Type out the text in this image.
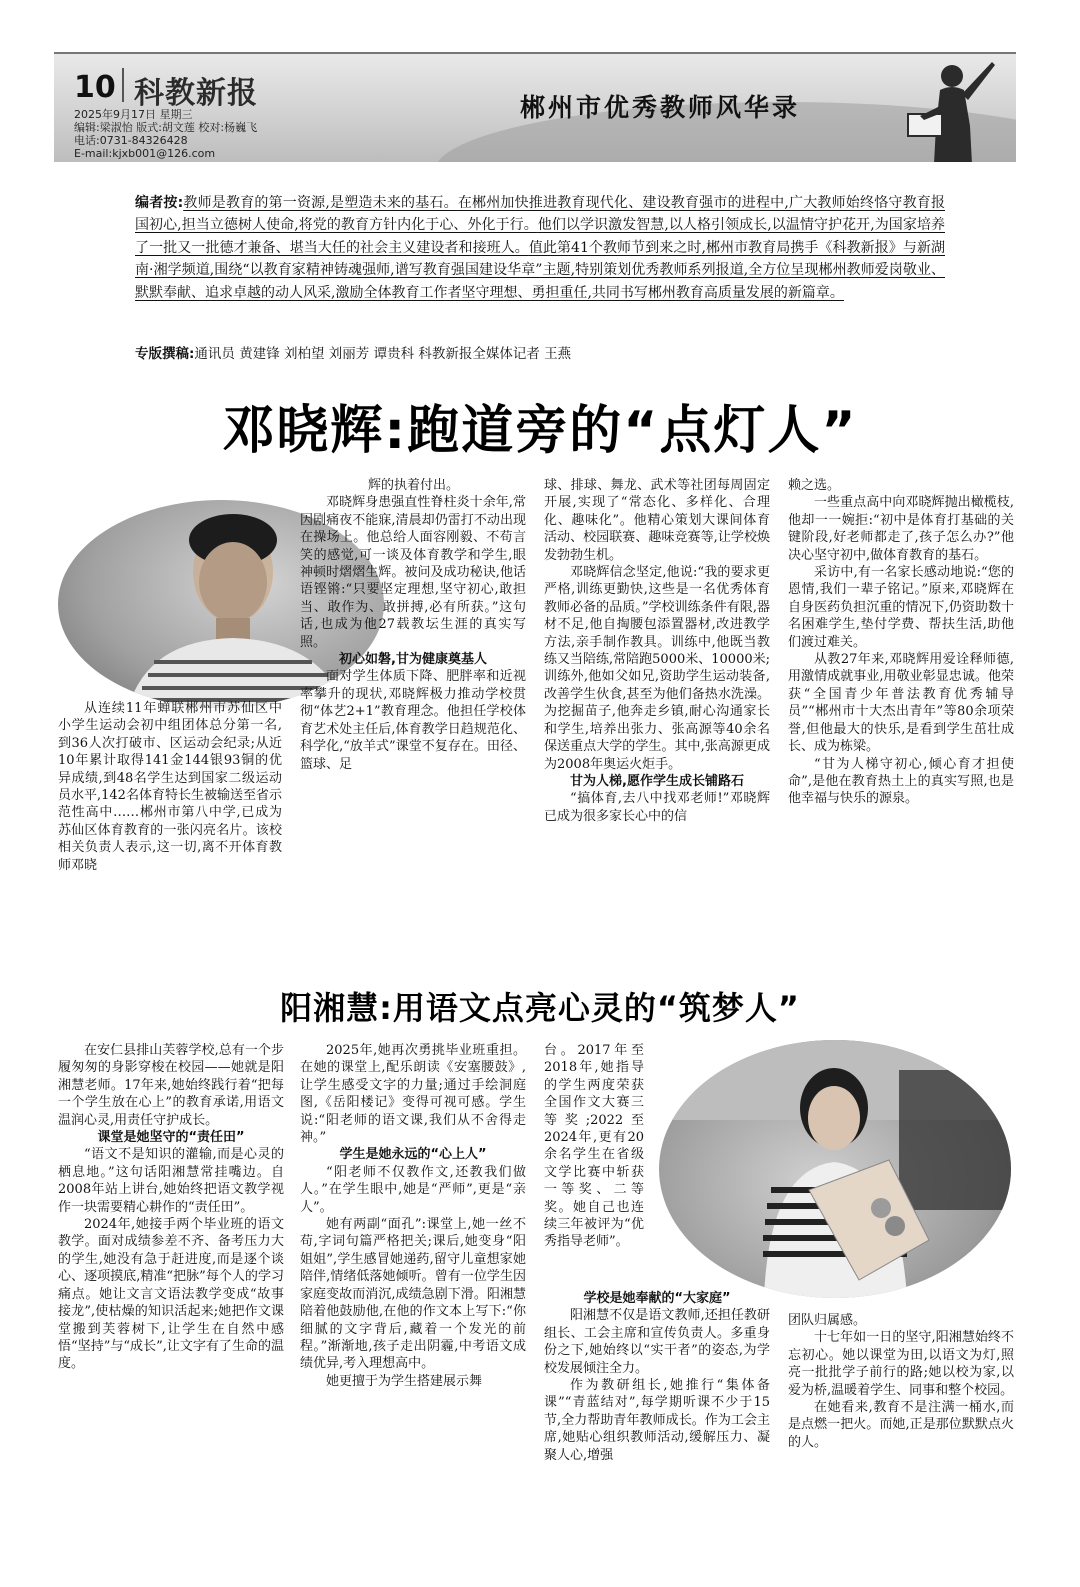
10 科教新报
2025年9月17日 星期三
编辑:梁淑怡 版式:胡文莲 校对:杨巍飞
电话:0731-84326428
E-mail:kjxb001@126.com
郴州市优秀教师风华录
编者按:教师是教育的第一资源,是塑造未来的基石。在郴州加快推进教育现代化、建设教育强市的进程中,广大教师始终恪守教育报国初心,担当立德树人使命,将党的教育方针内化于心、外化于行。他们以学识激发智慧,以人格引领成长,以温情守护花开,为国家培养了一批又一批德才兼备、堪当大任的社会主义建设者和接班人。值此第41个教师节到来之时,郴州市教育局携手《科教新报》与新湖南·湘学频道,围绕“以教育家精神铸魂强师,谱写教育强国建设华章”主题,特别策划优秀教师系列报道,全方位呈现郴州教师爱岗敬业、默默奉献、追求卓越的动人风采,激励全体教育工作者坚守理想、勇担重任,共同书写郴州教育高质量发展的新篇章。
专版撰稿:通讯员 黄建锋 刘柏望 刘丽芳 谭贵科 科教新报全媒体记者 王燕
邓晓辉:跑道旁的“点灯人”

从连续11年蝉联郴州市苏仙区中小学生运动会初中组团体总分第一名,到36人次打破市、区运动会纪录;从近10年累计取得141金144银93铜的优异成绩,到48名学生达到国家二级运动员水平,142名体育特长生被输送至省示范性高中……郴州市第八中学,已成为苏仙区体育教育的一张闪亮名片。该校相关负责人表示,这一切,离不开体育教师邓晓

辉的执着付出。

邓晓辉身患强直性脊柱炎十余年,常因剧痛夜不能寐,清晨却仍雷打不动出现在操场上。他总给人面容刚毅、不苟言笑的感觉,可一谈及体育教学和学生,眼神顿时熠熠生辉。被问及成功秘诀,他话语铿锵:“只要坚定理想,坚守初心,敢担当、敢作为、敢拼搏,必有所获。”这句话,也成为他27载教坛生涯的真实写照。

初心如磐,甘为健康奠基人

面对学生体质下降、肥胖率和近视率攀升的现状,邓晓辉极力推动学校贯彻“体艺2+1”教育理念。他担任学校体育艺术处主任后,体育教学日趋规范化、科学化,“放羊式”课堂不复存在。田径、篮球、足

球、排球、舞龙、武术等社团每周固定开展,实现了“常态化、多样化、合理化、趣味化”。他精心策划大课间体育活动、校园联赛、趣味竞赛等,让学校焕发勃勃生机。

邓晓辉信念坚定,他说:“我的要求更严格,训练更勤快,这些是一名优秀体育教师必备的品质。”学校训练条件有限,器材不足,他自掏腰包添置器材,改进教学方法,亲手制作教具。训练中,他既当教练又当陪练,常陪跑5000米、10000米;训练外,他如父如兄,资助学生运动装备,改善学生伙食,甚至为他们备热水洗澡。为挖掘苗子,他奔走乡镇,耐心沟通家长和学生,培养出张力、张高源等40余名保送重点大学的学生。其中,张高源更成为2008年奥运火炬手。

甘为人梯,愿作学生成长铺路石

“搞体育,去八中找邓老师!”邓晓辉已成为很多家长心中的信

赖之选。

一些重点高中向邓晓辉抛出橄榄枝,他却一一婉拒:“初中是体育打基础的关键阶段,好老师都走了,孩子怎么办?”他决心坚守初中,做体育教育的基石。

采访中,有一名家长感动地说:“您的恩情,我们一辈子铭记。”原来,邓晓辉在自身医药负担沉重的情况下,仍资助数十名困难学生,垫付学费、帮扶生活,助他们渡过难关。

从教27年来,邓晓辉用爱诠释师德,用激情成就事业,用敬业彰显忠诚。他荣获“全国青少年普法教育优秀辅导员”“郴州市十大杰出青年”等80余项荣誉,但他最大的快乐,是看到学生茁壮成长、成为栋梁。

“甘为人梯守初心,倾心育才担使命”,是他在教育热土上的真实写照,也是他幸福与快乐的源泉。

阳湘慧:用语文点亮心灵的“筑梦人”

在安仁县排山芙蓉学校,总有一个步履匆匆的身影穿梭在校园——她就是阳湘慧老师。17年来,她始终践行着“把每一个学生放在心上”的教育承诺,用语文温润心灵,用责任守护成长。

课堂是她坚守的“责任田”

“语文不是知识的灌输,而是心灵的栖息地。”这句话阳湘慧常挂嘴边。自2008年站上讲台,她始终把语文教学视作一块需要精心耕作的“责任田”。

2024年,她接手两个毕业班的语文教学。面对成绩参差不齐、备考压力大的学生,她没有急于赶进度,而是逐个谈心、逐项摸底,精准“把脉”每个人的学习痛点。她让文言文语法教学变成“故事接龙”,使枯燥的知识活起来;她把作文课堂搬到芙蓉树下,让学生在自然中感悟“坚持”与“成长”,让文字有了生命的温度。

2025年,她再次勇挑毕业班重担。在她的课堂上,配乐朗读《安塞腰鼓》,让学生感受文字的力量;通过手绘洞庭图,《岳阳楼记》变得可视可感。学生说:“阳老师的语文课,我们从不舍得走神。”

学生是她永远的“心上人”

“阳老师不仅教作文,还教我们做人。”在学生眼中,她是“严师”,更是“亲人”。

她有两副“面孔”:课堂上,她一丝不苟,字词句篇严格把关;课后,她变身“阳姐姐”,学生感冒她递药,留守儿童想家她陪伴,情绪低落她倾听。曾有一位学生因家庭变故而消沉,成绩急剧下滑。阳湘慧陪着他鼓励他,在他的作文本上写下:“你细腻的文字背后,藏着一个发光的前程。”渐渐地,孩子走出阴霾,中考语文成绩优异,考入理想高中。

她更擅于为学生搭建展示舞

台。2017年至2018年,她指导的学生两度荣获全国作文大赛三等奖;2022至2024年,更有20余名学生在省级文学比赛中斩获一等奖、二等奖。她自己也连续三年被评为“优秀指导老师”。

学校是她奉献的“大家庭”

阳湘慧不仅是语文教师,还担任教研组长、工会主席和宣传负责人。多重身份之下,她始终以“实干者”的姿态,为学校发展倾注全力。

作为教研组长,她推行“集体备课”“青蓝结对”,每学期听课不少于15节,全力帮助青年教师成长。作为工会主席,她贴心组织教师活动,缓解压力、凝聚人心,增强

团队归属感。

十七年如一日的坚守,阳湘慧始终不忘初心。她以课堂为田,以语文为灯,照亮一批批学子前行的路;她以校为家,以爱为桥,温暖着学生、同事和整个校园。

在她看来,教育不是注满一桶水,而是点燃一把火。而她,正是那位默默点火的人。
